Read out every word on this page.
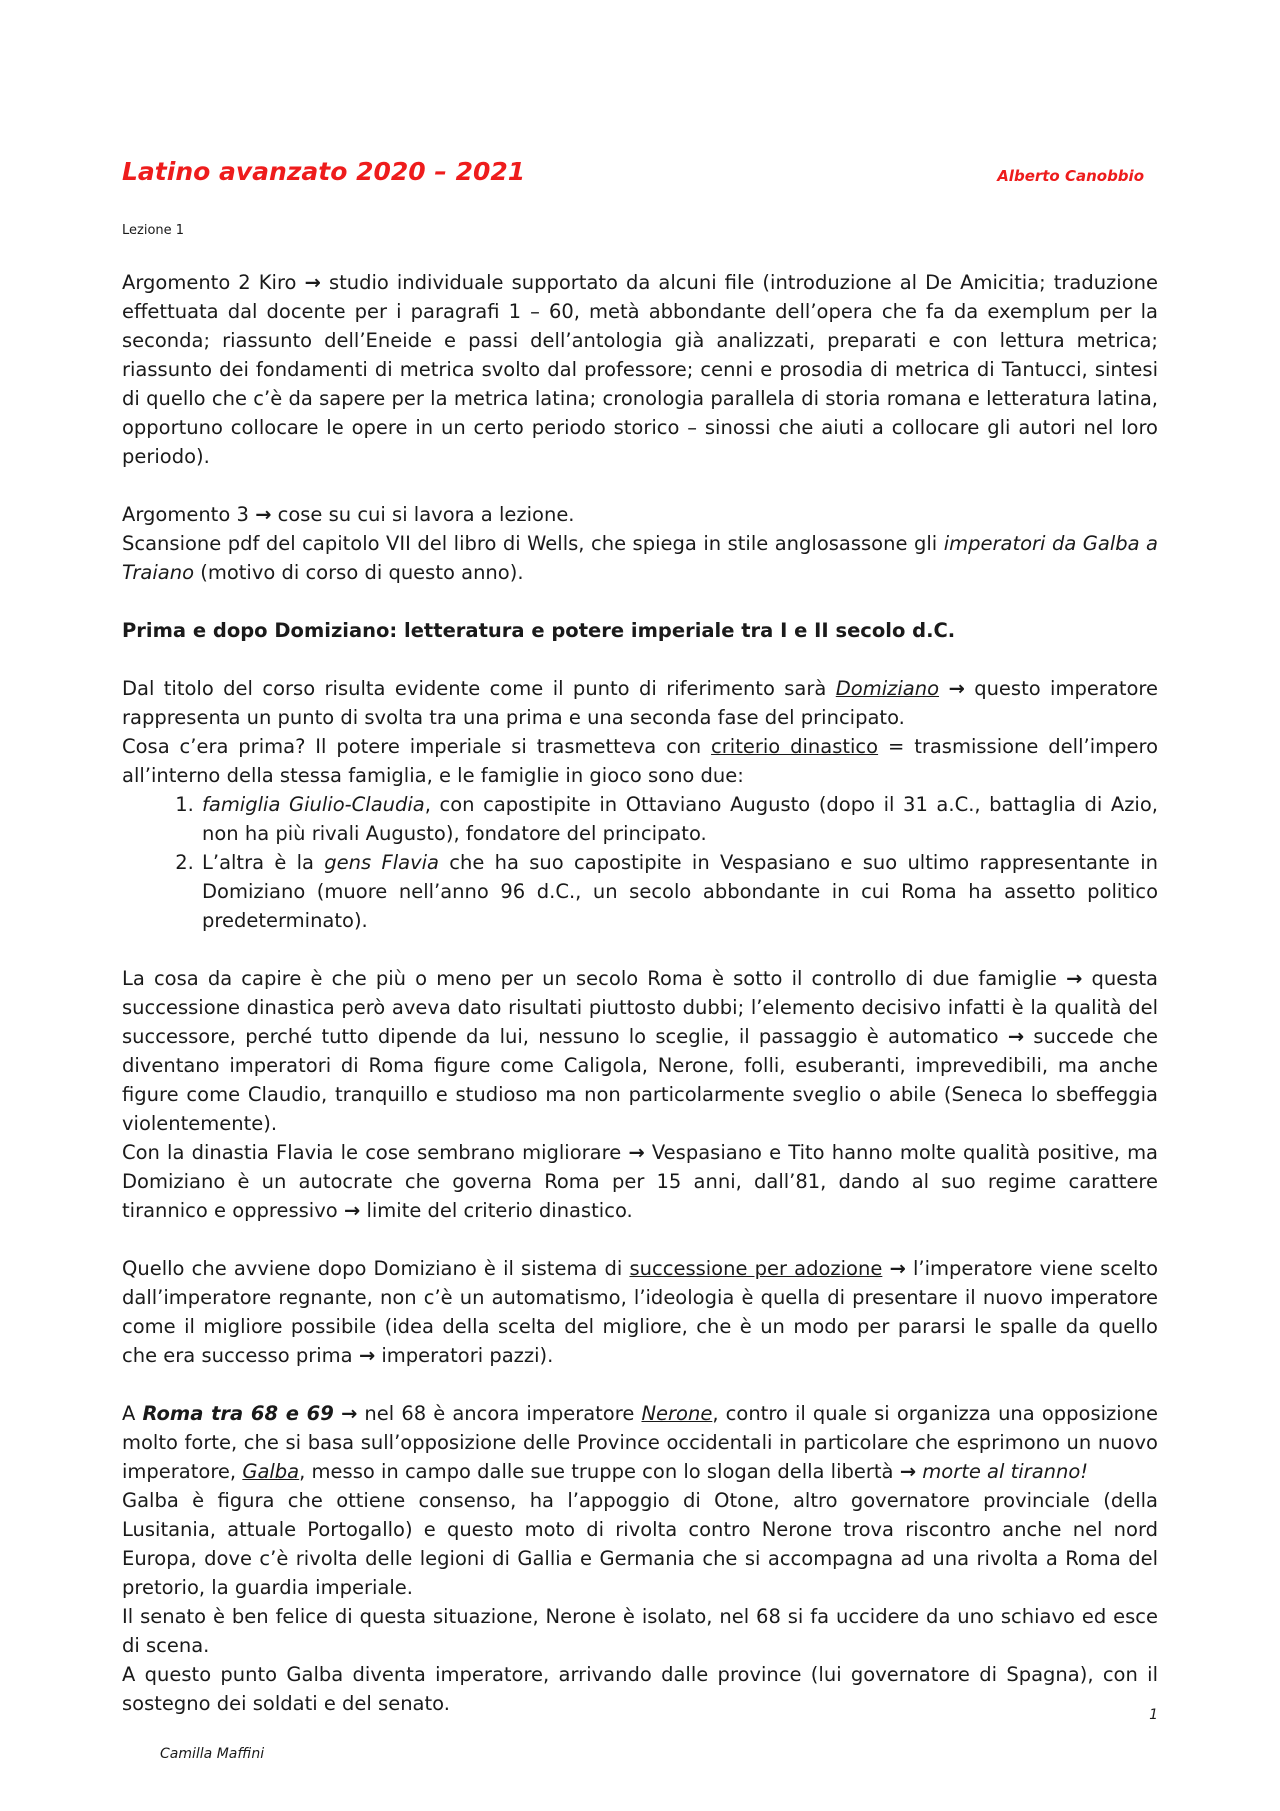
Latino avanzato 2020 – 2021	Alberto Canobbio
Lezione 1

Argomento 2 Kiro → studio individuale supportato da alcuni file (introduzione al De Amicitia; traduzione effettuata dal docente per i paragrafi 1 – 60, metà abbondante dell’opera che fa da exemplum per la seconda; riassunto dell’Eneide e passi dell’antologia già analizzati, preparati e con lettura metrica; riassunto dei fondamenti di metrica svolto dal professore; cenni e prosodia di metrica di Tantucci, sintesi di quello che c’è da sapere per la metrica latina; cronologia parallela di storia romana e letteratura latina, opportuno collocare le opere in un certo periodo storico – sinossi che aiuti a collocare gli autori nel loro periodo).

Argomento 3 → cose su cui si lavora a lezione.

Scansione pdf del capitolo VII del libro di Wells, che spiega in stile anglosassone gli imperatori da Galba a Traiano (motivo di corso di questo anno).

Prima e dopo Domiziano: letteratura e potere imperiale tra I e II secolo d.C.

Dal titolo del corso risulta evidente come il punto di riferimento sarà Domiziano → questo imperatore rappresenta un punto di svolta tra una prima e una seconda fase del principato.

Cosa c’era prima? Il potere imperiale si trasmetteva con criterio dinastico = trasmissione dell’impero all’interno della stessa famiglia, e le famiglie in gioco sono due:

1. famiglia Giulio-Claudia, con capostipite in Ottaviano Augusto (dopo il 31 a.C., battaglia di Azio, non ha più rivali Augusto), fondatore del principato.
2. L’altra è la gens Flavia che ha suo capostipite in Vespasiano e suo ultimo rappresentante in Domiziano (muore nell’anno 96 d.C., un secolo abbondante in cui Roma ha assetto politico predeterminato).

La cosa da capire è che più o meno per un secolo Roma è sotto il controllo di due famiglie → questa successione dinastica però aveva dato risultati piuttosto dubbi; l’elemento decisivo infatti è la qualità del successore, perché tutto dipende da lui, nessuno lo sceglie, il passaggio è automatico → succede che diventano imperatori di Roma figure come Caligola, Nerone, folli, esuberanti, imprevedibili, ma anche figure come Claudio, tranquillo e studioso ma non particolarmente sveglio o abile (Seneca lo sbeffeggia violentemente).

Con la dinastia Flavia le cose sembrano migliorare → Vespasiano e Tito hanno molte qualità positive, ma Domiziano è un autocrate che governa Roma per 15 anni, dall’81, dando al suo regime carattere tirannico e oppressivo → limite del criterio dinastico.

Quello che avviene dopo Domiziano è il sistema di successione per adozione → l’imperatore viene scelto dall’imperatore regnante, non c’è un automatismo, l’ideologia è quella di presentare il nuovo imperatore come il migliore possibile (idea della scelta del migliore, che è un modo per pararsi le spalle da quello che era successo prima → imperatori pazzi).

A Roma tra 68 e 69 → nel 68 è ancora imperatore Nerone, contro il quale si organizza una opposizione molto forte, che si basa sull’opposizione delle Province occidentali in particolare che esprimono un nuovo imperatore, Galba, messo in campo dalle sue truppe con lo slogan della libertà → morte al tiranno!

Galba è figura che ottiene consenso, ha l’appoggio di Otone, altro governatore provinciale (della Lusitania, attuale Portogallo) e questo moto di rivolta contro Nerone trova riscontro anche nel nord Europa, dove c’è rivolta delle legioni di Gallia e Germania che si accompagna ad una rivolta a Roma del pretorio, la guardia imperiale.

Il senato è ben felice di questa situazione, Nerone è isolato, nel 68 si fa uccidere da uno schiavo ed esce di scena.

A questo punto Galba diventa imperatore, arrivando dalle province (lui governatore di Spagna), con il sostegno dei soldati e del senato.	1
Camilla Maffini
